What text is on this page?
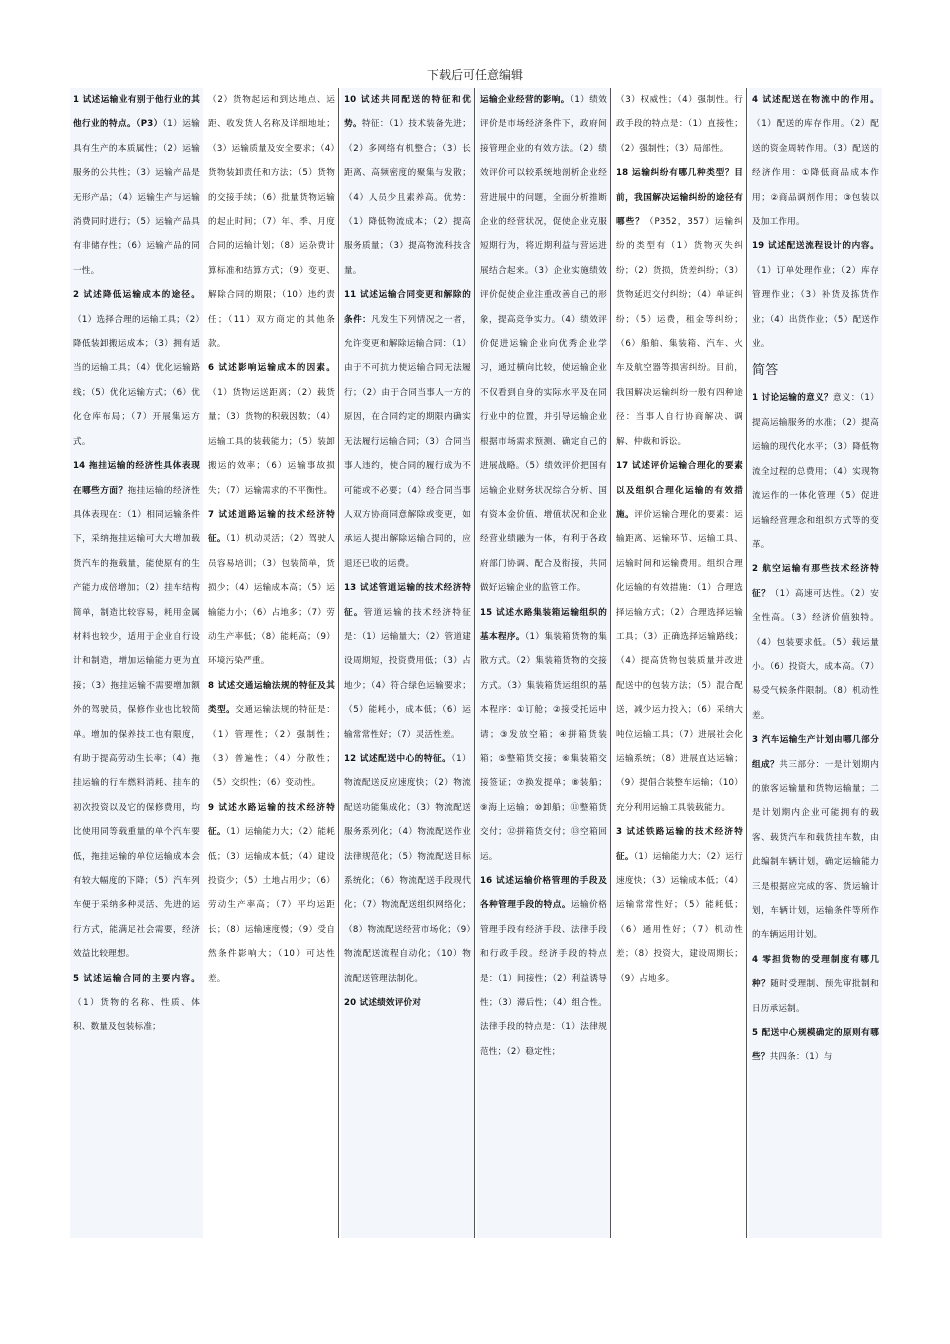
下载后可任意编辑

1 试述运输业有别于他行业的其他行业的特点。（P3）（1）运输具有生产的本质属性；（2）运输服务的公共性；（3）运输产品是无形产品；（4）运输生产与运输消费同时进行；（5）运输产品具有非储存性；（6）运输产品的同一性。

2 试述降低运输成本的途径。（1）选择合理的运输工具；（2）降低装卸搬运成本；（3）拥有适当的运输工具；（4）优化运输路线；（5）优化运输方式；（6）优化仓库布局；（7）开展集运方式。

14 拖挂运输的经济性具体表现在哪些方面？拖挂运输的经济性具体表现在：（1）相同运输条件下，采纳拖挂运输可大大增加载货汽车的拖载量，能使原有的生产能力成倍增加；（2）挂车结构简单，制造比较容易，耗用金属材料也较少，适用于企业自行设计和制造，增加运输能力更为直接；（3）拖挂运输不需要增加额外的驾驶员，保修作业也比较简单。增加的保养技工也有限度，有助于提高劳动生长率；（4）拖挂运输的行车燃料消耗、挂车的初次投资以及它的保修费用，均比使用同等载重量的单个汽车要低，拖挂运输的单位运输成本会有较大幅度的下降；（5）汽车列车便于采纳多种灵活、先进的运行方式，能满足社会需要，经济效益比较理想。

5 试述运输合同的主要内容。（1）货物的名称、性质、体积、数量及包装标准；

（2）货物起运和到达地点、运距、收发货人名称及详细地址；（3）运输质量及安全要求；（4）货物装卸责任和方法；（5）货物的交接手续；（6）批量货物运输的起止时间；（7）年、季、月度合同的运输计划；（8）运杂费计算标准和结算方式；（9）变更、解除合同的期限；（10）违约责任；（11）双方商定的其他条款。

6 试述影响运输成本的因素。（1）货物运送距离；（2）载货量；（3）货物的积载因数；（4）运输工具的装载能力；（5）装卸搬运的效率；（6）运输事故损失；（7）运输需求的不平衡性。

7 试述道路运输的技术经济特征。（1）机动灵活；（2）驾驶人员容易培训；（3）包装简单，货损少；（4）运输成本高；（5）运输能力小；（6）占地多；（7）劳动生产率低；（8）能耗高；（9）环境污染严重。

8 试述交通运输法规的特征及其类型。交通运输法规的特征是：（1）管理性；（2）强制性；（3）普遍性；（4）分散性；（5）交织性；（6）变动性。

9 试述水路运输的技术经济特征。（1）运输能力大；（2）能耗低；（3）运输成本低；（4）建设投资少；（5）土地占用少；（6）劳动生产率高；（7）平均运距长；（8）运输速度慢；（9）受自然条件影响大；（10）可达性差。

10 试述共同配送的特征和优势。特征：（1）技术装备先进；（2）多网络有机整合；（3）长距离、高频密度的聚集与发散；（4）人员少且素养高。优势：（1）降低物流成本；（2）提高服务质量；（3）提高物流科技含量。

11 试述运输合同变更和解除的条件：凡发生下列情况之一者，允许变更和解除运输合同：（1）由于不可抗力使运输合同无法履行；（2）由于合同当事人一方的原因，在合同约定的期限内确实无法履行运输合同；（3）合同当事人违约，使合同的履行成为不可能或不必要；（4）经合同当事人双方协商同意解除或变更，如承运人提出解除运输合同的，应退还已收的运费。

13 试述管道运输的技术经济特征。管道运输的技术经济特征是：（1）运输量大；（2）管道建设周期短，投资费用低；（3）占地少；（4）符合绿色运输要求；（5）能耗小，成本低；（6）运输常常性好；（7）灵活性差。

12 试述配送中心的特征。（1）物流配送反应速度快；（2）物流配送功能集成化；（3）物流配送服务系列化；（4）物流配送作业法律规范化；（5）物流配送目标系统化；（6）物流配送手段现代化；（7）物流配送组织网络化；（8）物流配送经营市场化；（9）物流配送流程自动化；（10）物流配送管理法制化。

20 试述绩效评价对

运输企业经营的影响。（1）绩效评价是市场经济条件下，政府间接管理企业的有效方法。（2）绩效评价可以较系统地剖析企业经营进展中的问题，全面分析推断企业的经营状况，促使企业克服短期行为，将近期利益与营运进展结合起来。（3）企业实施绩效评价促使企业注重改善自己的形象，提高竞争实力。（4）绩效评价促进运输企业向优秀企业学习，通过横向比较，使运输企业不仅看到自身的实际水平及在同行业中的位置，并引导运输企业根据市场需求预测、确定自己的进展战略。（5）绩效评价把国有运输企业财务状况综合分析、国有资本金价值、增值状况和企业经营业绩融为一体，有利于各政府部门协调、配合及衔接，共同做好运输企业的监管工作。

15 试述水路集装箱运输组织的基本程序。（1）集装箱货物的集散方式。（2）集装箱货物的交接方式。（3）集装箱货运组织的基本程序：①订舱；②接受托运申请；③发放空箱；④拼箱货装箱；⑤整箱货交接；⑥集装箱交接签证；⑦换发提单；⑧装船；⑨海上运输；⑩卸船；⑪整箱货交付；⑫拼箱货交付；⑬空箱回运。

16 试述运输价格管理的手段及各种管理手段的特点。运输价格管理手段有经济手段、法律手段和行政手段。经济手段的特点是：（1）间接性；（2）利益诱导性；（3）滞后性；（4）组合性。法律手段的特点是：（1）法律规范性；（2）稳定性；

（3）权威性；（4）强制性。行政手段的特点是：（1）直接性；（2）强制性；（3）局部性。

18 运输纠纷有哪几种类型？目前，我国解决运输纠纷的途径有哪些？（P352，357）运输纠纷的类型有（1）货物灭失纠纷；（2）货损，货差纠纷；（3）货物延迟交付纠纷；（4）单证纠纷；（5）运费，租金等纠纷；（6）船舶、集装箱、汽车、火车及航空器等损害纠纷。目前，我国解决运输纠纷一般有四种途径：当事人自行协商解决、调解、仲裁和诉讼。

17 试述评价运输合理化的要素以及组织合理化运输的有效措施。评价运输合理化的要素：运输距离、运输环节、运输工具、运输时间和运输费用。组织合理化运输的有效措施：（1）合理选择运输方式；（2）合理选择运输工具；（3）正确选择运输路线；（4）提高货物包装质量并改进配送中的包装方法；（5）混合配送，减少运力投入；（6）采纳大吨位运输工具；（7）进展社会化运输系统；（8）进展直达运输；（9）提倡合装整车运输；（10）充分利用运输工具装载能力。

3 试述铁路运输的技术经济特征。（1）运输能力大；（2）运行速度快；（3）运输成本低；（4）运输常常性好；（5）能耗低；（6）通用性好；（7）机动性差；（8）投资大，建设周期长；（9）占地多。

4 试述配送在物流中的作用。（1）配送的库存作用。（2）配送的资金周转作用。（3）配送的经济作用：①降低商品成本作用；②商品调剂作用；③包装以及加工作用。

19 试述配送流程设计的内容。（1）订单处理作业；（2）库存管理作业；（3）补货及拣货作业；（4）出货作业；（5）配送作业。

简答

1 讨论运输的意义？意义：（1）提高运输服务的水准；（2）提高运输的现代化水平；（3）降低物流全过程的总费用；（4）实现物流运作的一体化管理（5）促进运输经营理念和组织方式等的变革。

2 航空运输有那些技术经济特征？（1）高速可达性。（2）安全性高。（3）经济价值独特。（4）包装要求低。（5）载运量小。（6）投资大，成本高。（7）易受气候条件限制。（8）机动性差。

3 汽车运输生产计划由哪几部分组成？共三部分：一是计划期内的旅客运输量和货物运输量；二是计划期内企业可能拥有的载客、载货汽车和载货挂车数，由此编制车辆计划，确定运输能力三是根据应完成的客、货运输计划，车辆计划，运输条件等所作的车辆运用计划。

4 零担货物的受理制度有哪几种？随时受理制、预先审批制和日历承运制。

5 配送中心规模确定的原则有哪些？共四条：（1）与
